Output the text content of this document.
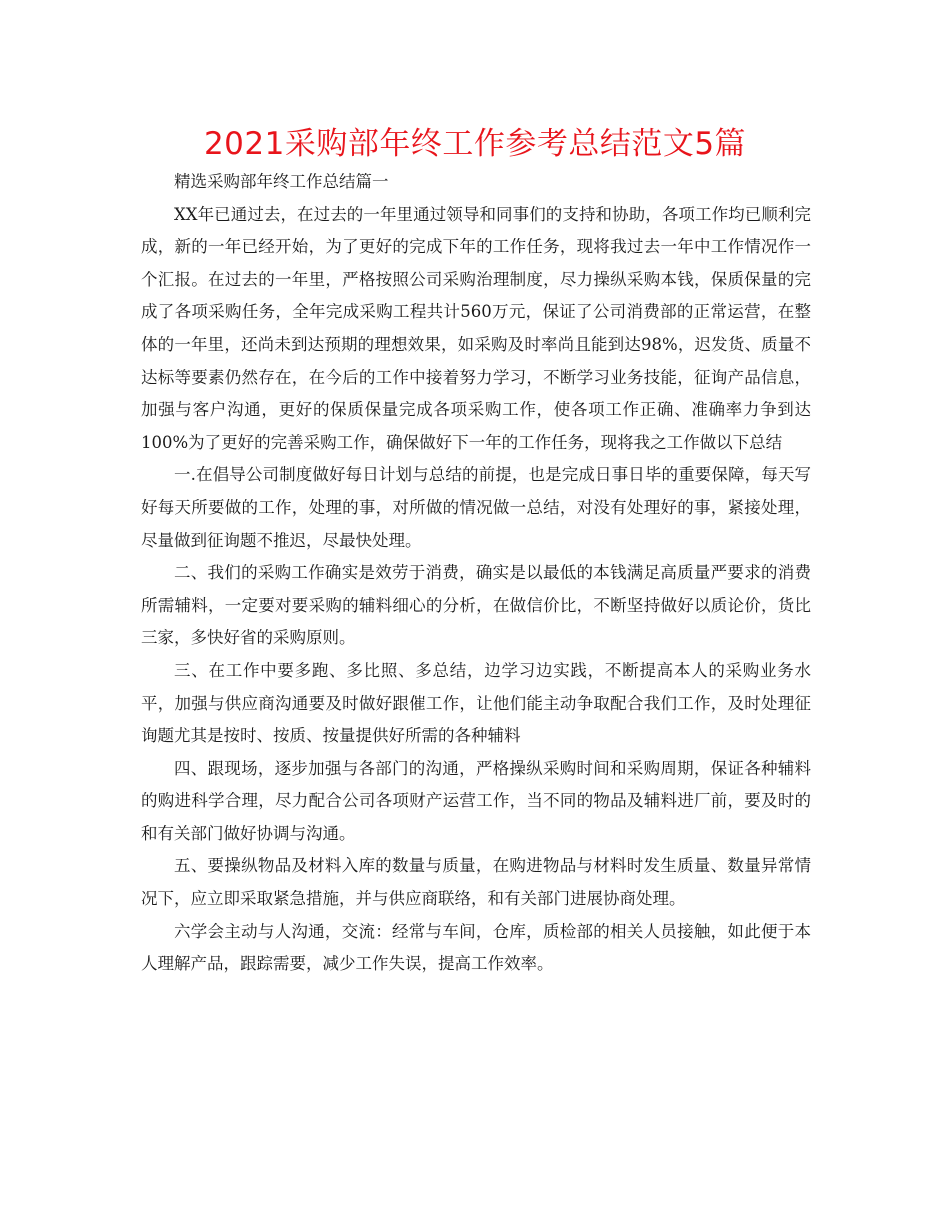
2021采购部年终工作参考总结范文5篇

精选采购部年终工作总结篇一

XX年已通过去，在过去的一年里通过领导和同事们的支持和协助，各项工作均已顺利完成，新的一年已经开始，为了更好的完成下年的工作任务，现将我过去一年中工作情况作一个汇报。在过去的一年里，严格按照公司采购治理制度，尽力操纵采购本钱，保质保量的完成了各项采购任务，全年完成采购工程共计560万元，保证了公司消费部的正常运营，在整体的一年里，还尚未到达预期的理想效果，如采购及时率尚且能到达98%，迟发货、质量不达标等要素仍然存在，在今后的工作中接着努力学习，不断学习业务技能，征询产品信息，加强与客户沟通，更好的保质保量完成各项采购工作，使各项工作正确、准确率力争到达100%为了更好的完善采购工作，确保做好下一年的工作任务，现将我之工作做以下总结

一.在倡导公司制度做好每日计划与总结的前提，也是完成日事日毕的重要保障，每天写好每天所要做的工作，处理的事，对所做的情况做一总结，对没有处理好的事，紧接处理，尽量做到征询题不推迟，尽最快处理。

二、我们的采购工作确实是效劳于消费，确实是以最低的本钱满足高质量严要求的消费所需辅料，一定要对要采购的辅料细心的分析，在做信价比，不断坚持做好以质论价，货比三家，多快好省的采购原则。

三、在工作中要多跑、多比照、多总结，边学习边实践，不断提高本人的采购业务水平，加强与供应商沟通要及时做好跟催工作，让他们能主动争取配合我们工作，及时处理征询题尤其是按时、按质、按量提供好所需的各种辅料

四、跟现场，逐步加强与各部门的沟通，严格操纵采购时间和采购周期，保证各种辅料的购进科学合理，尽力配合公司各项财产运营工作，当不同的物品及辅料进厂前，要及时的和有关部门做好协调与沟通。

五、要操纵物品及材料入库的数量与质量，在购进物品与材料时发生质量、数量异常情况下，应立即采取紧急措施，并与供应商联络，和有关部门进展协商处理。

六学会主动与人沟通，交流：经常与车间，仓库，质检部的相关人员接触，如此便于本人理解产品，跟踪需要，减少工作失误，提高工作效率。
